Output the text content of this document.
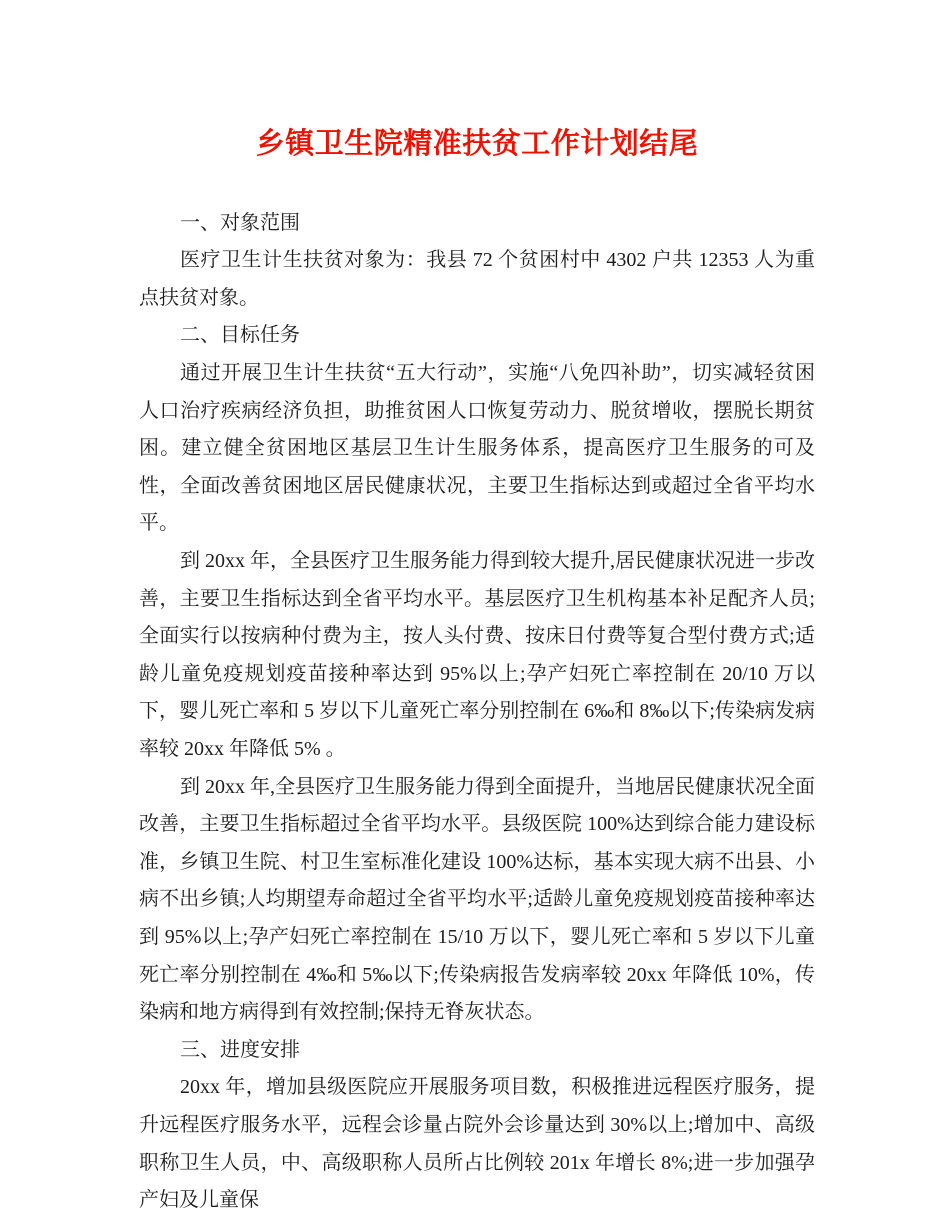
乡镇卫生院精准扶贫工作计划结尾

一、对象范围

医疗卫生计生扶贫对象为：我县 72 个贫困村中 4302 户共 12353 人为重点扶贫对象。

二、目标任务

通过开展卫生计生扶贫“五大行动”，实施“八免四补助”，切实减轻贫困人口治疗疾病经济负担，助推贫困人口恢复劳动力、脱贫增收，摆脱长期贫困。建立健全贫困地区基层卫生计生服务体系，提高医疗卫生服务的可及性，全面改善贫困地区居民健康状况，主要卫生指标达到或超过全省平均水平。

到 20xx 年，全县医疗卫生服务能力得到较大提升,居民健康状况进一步改善，主要卫生指标达到全省平均水平。基层医疗卫生机构基本补足配齐人员;全面实行以按病种付费为主，按人头付费、按床日付费等复合型付费方式;适龄儿童免疫规划疫苗接种率达到 95%以上;孕产妇死亡率控制在 20/10 万以下，婴儿死亡率和 5 岁以下儿童死亡率分别控制在 6‰和 8‰以下;传染病发病率较 20xx 年降低 5% 。

到 20xx 年,全县医疗卫生服务能力得到全面提升，当地居民健康状况全面改善，主要卫生指标超过全省平均水平。县级医院 100%达到综合能力建设标准，乡镇卫生院、村卫生室标准化建设 100%达标，基本实现大病不出县、小病不出乡镇;人均期望寿命超过全省平均水平;适龄儿童免疫规划疫苗接种率达到 95%以上;孕产妇死亡率控制在 15/10 万以下，婴儿死亡率和 5 岁以下儿童死亡率分别控制在 4‰和 5‰以下;传染病报告发病率较 20xx 年降低 10%，传染病和地方病得到有效控制;保持无脊灰状态。

三、进度安排

20xx 年，增加县级医院应开展服务项目数，积极推进远程医疗服务，提升远程医疗服务水平，远程会诊量占院外会诊量达到 30%以上;增加中、高级职称卫生人员，中、高级职称人员所占比例较 201x 年增长 8%;进一步加强孕产妇及儿童保
